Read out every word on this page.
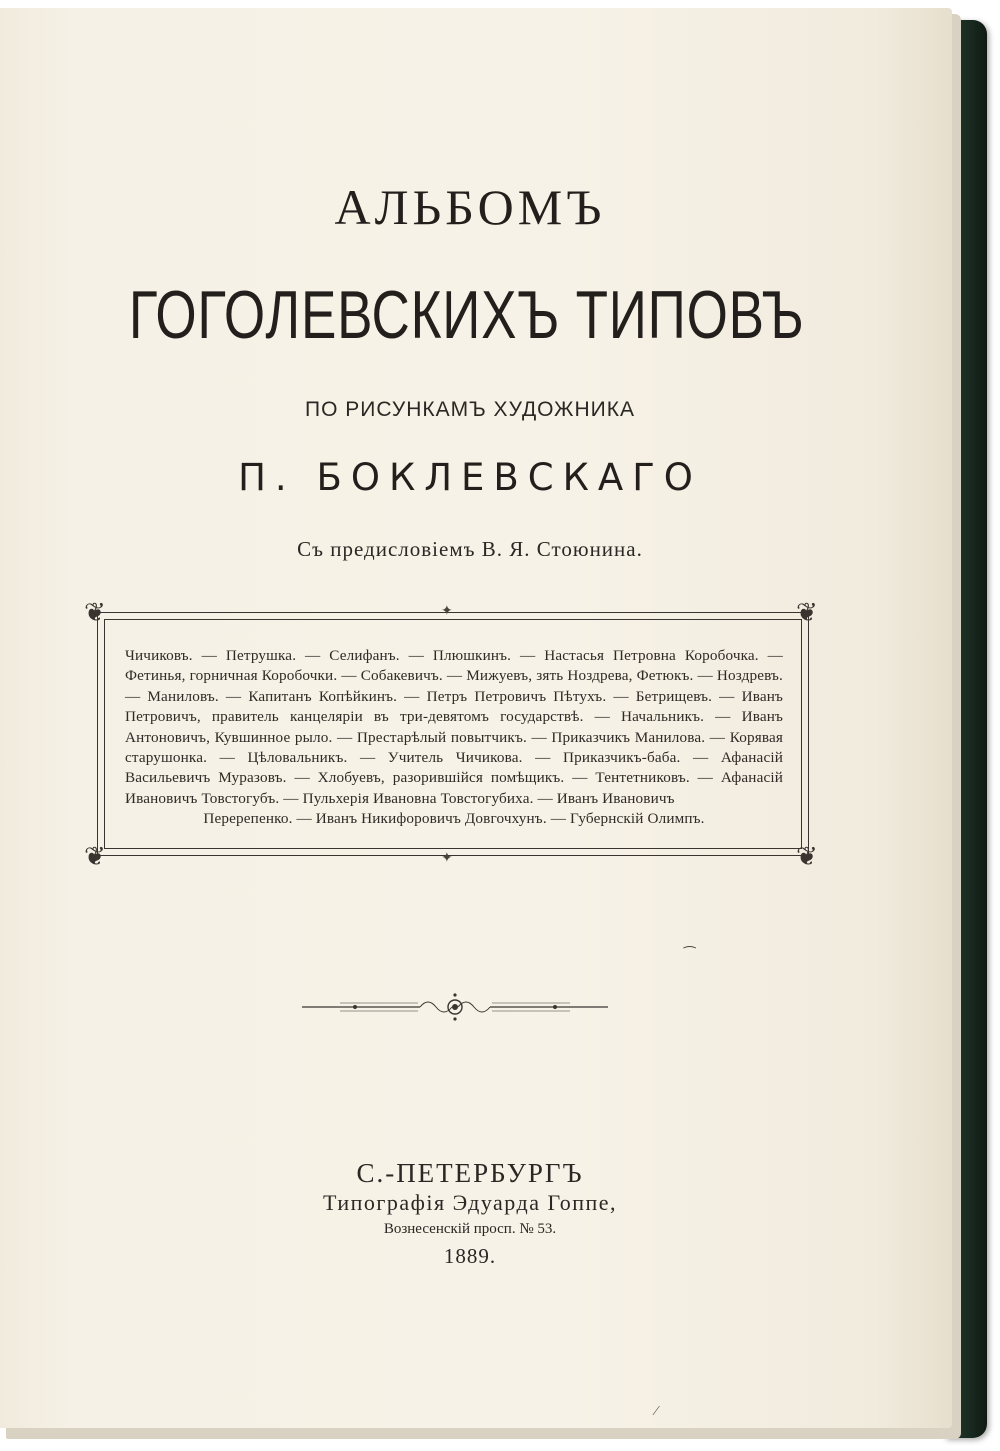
АЛЬБОМЪ
ГОГОЛЕВСКИХЪ ТИПОВЪ
ПО РИСУНКАМЪ ХУДОЖНИКА
П. БОКЛЕВСКАГО
Съ предисловіемъ В. Я. Стоюнина.
❦	❦
❦	❦
✦
✦
Чичиковъ. — Петрушка. — Селифанъ. — Плюшкинъ. — Настасья Петровна Коробочка. — Фетинья, горничная Коробочки. — Собакевичъ. — Мижуевъ, зять Ноздрева, Фетюкъ. — Ноздревъ. — Маниловъ. — Капитанъ Копѣйкинъ. — Петръ Петровичъ Пѣтухъ. — Бетрищевъ. — Иванъ Петровичъ, правитель канцеляріи въ три-девятомъ государствѣ. — Начальникъ. — Иванъ Антоновичъ, Кувшинное рыло. — Престарѣлый повытчикъ. — Приказчикъ Манилова. — Корявая старушонка. — Цѣловальникъ. — Учитель Чичикова. — Приказчикъ-баба. — Афанасій Васильевичъ Муразовъ. — Хлобуевъ, разорившійся помѣщикъ. — Тентетниковъ. — Афанасій Ивановичъ Товстогубъ. — Пульхерія Ивановна Товстогубиха. — Иванъ Ивановичъ
Перерепенко. — Иванъ Никифоровичъ Довгочхунъ. — Губернскій Олимпъ.
⁀
⁄
С.-ПЕТЕРБУРГЪ
Типографія Эдуарда Гоппе,
Вознесенскій просп. № 53.
1889.
